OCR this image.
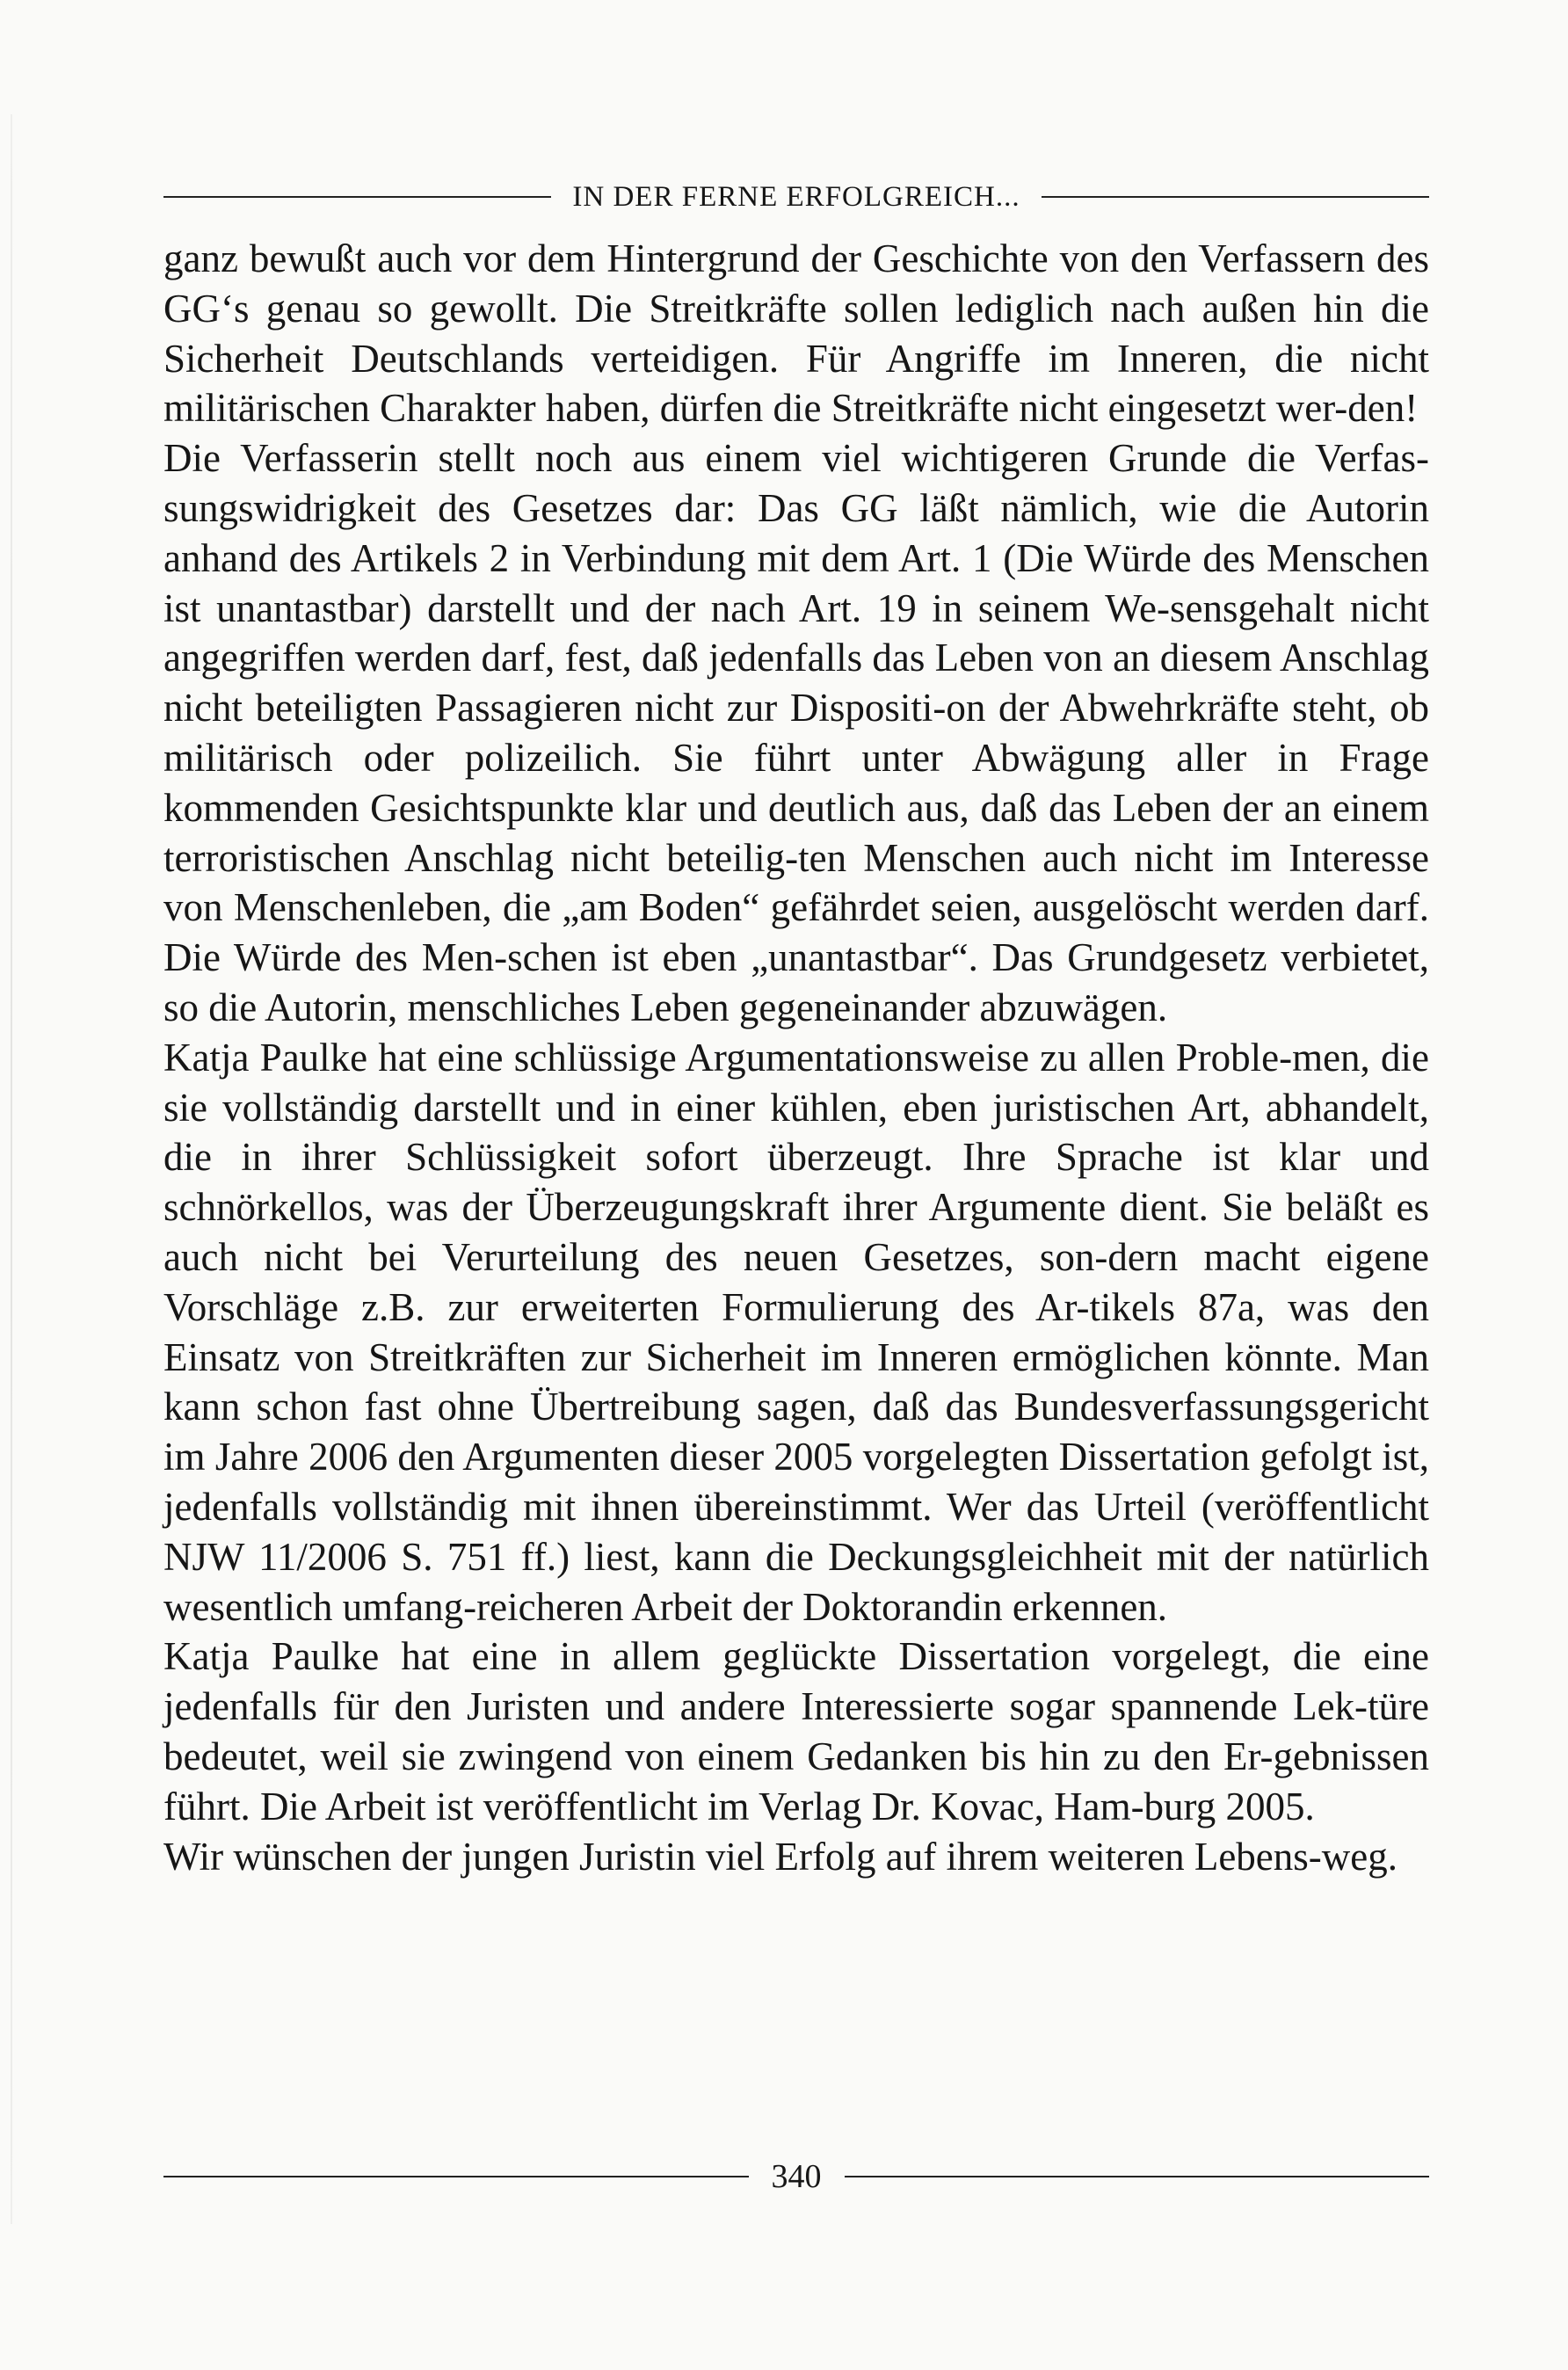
IN DER FERNE ERFOLGREICH...

ganz bewußt auch vor dem Hintergrund der Geschichte von den Verfassern des GG‘s genau so gewollt. Die Streitkräfte sollen lediglich nach außen hin die Sicherheit Deutschlands verteidigen. Für Angriffe im Inneren, die nicht militärischen Charakter haben, dürfen die Streitkräfte nicht eingesetzt wer-den!

Die Verfasserin stellt noch aus einem viel wichtigeren Grunde die Verfas-sungswidrigkeit des Gesetzes dar: Das GG läßt nämlich, wie die Autorin anhand des Artikels 2 in Verbindung mit dem Art. 1 (Die Würde des Menschen ist unantastbar) darstellt und der nach Art. 19 in seinem We-sensgehalt nicht angegriffen werden darf, fest, daß jedenfalls das Leben von an diesem Anschlag nicht beteiligten Passagieren nicht zur Dispositi-on der Abwehrkräfte steht, ob militärisch oder polizeilich. Sie führt unter Abwägung aller in Frage kommenden Gesichtspunkte klar und deutlich aus, daß das Leben der an einem terroristischen Anschlag nicht beteilig-ten Menschen auch nicht im Interesse von Menschenleben, die „am Boden“ gefährdet seien, ausgelöscht werden darf. Die Würde des Men-schen ist eben „unantastbar“. Das Grundgesetz verbietet, so die Autorin, menschliches Leben gegeneinander abzuwägen.

Katja Paulke hat eine schlüssige Argumentationsweise zu allen Proble-men, die sie vollständig darstellt und in einer kühlen, eben juristischen Art, abhandelt, die in ihrer Schlüssigkeit sofort überzeugt. Ihre Sprache ist klar und schnörkellos, was der Überzeugungskraft ihrer Argumente dient. Sie beläßt es auch nicht bei Verurteilung des neuen Gesetzes, son-dern macht eigene Vorschläge z.B. zur erweiterten Formulierung des Ar-tikels 87a, was den Einsatz von Streitkräften zur Sicherheit im Inneren ermöglichen könnte. Man kann schon fast ohne Übertreibung sagen, daß das Bundesverfassungsgericht im Jahre 2006 den Argumenten dieser 2005 vorgelegten Dissertation gefolgt ist, jedenfalls vollständig mit ihnen übereinstimmt. Wer das Urteil (veröffentlicht NJW 11/2006 S. 751 ff.) liest, kann die Deckungsgleichheit mit der natürlich wesentlich umfang-reicheren Arbeit der Doktorandin erkennen.

Katja Paulke hat eine in allem geglückte Dissertation vorgelegt, die eine jedenfalls für den Juristen und andere Interessierte sogar spannende Lek-türe bedeutet, weil sie zwingend von einem Gedanken bis hin zu den Er-gebnissen führt. Die Arbeit ist veröffentlicht im Verlag Dr. Kovac, Ham-burg 2005.

Wir wünschen der jungen Juristin viel Erfolg auf ihrem weiteren Lebens-weg.

340
